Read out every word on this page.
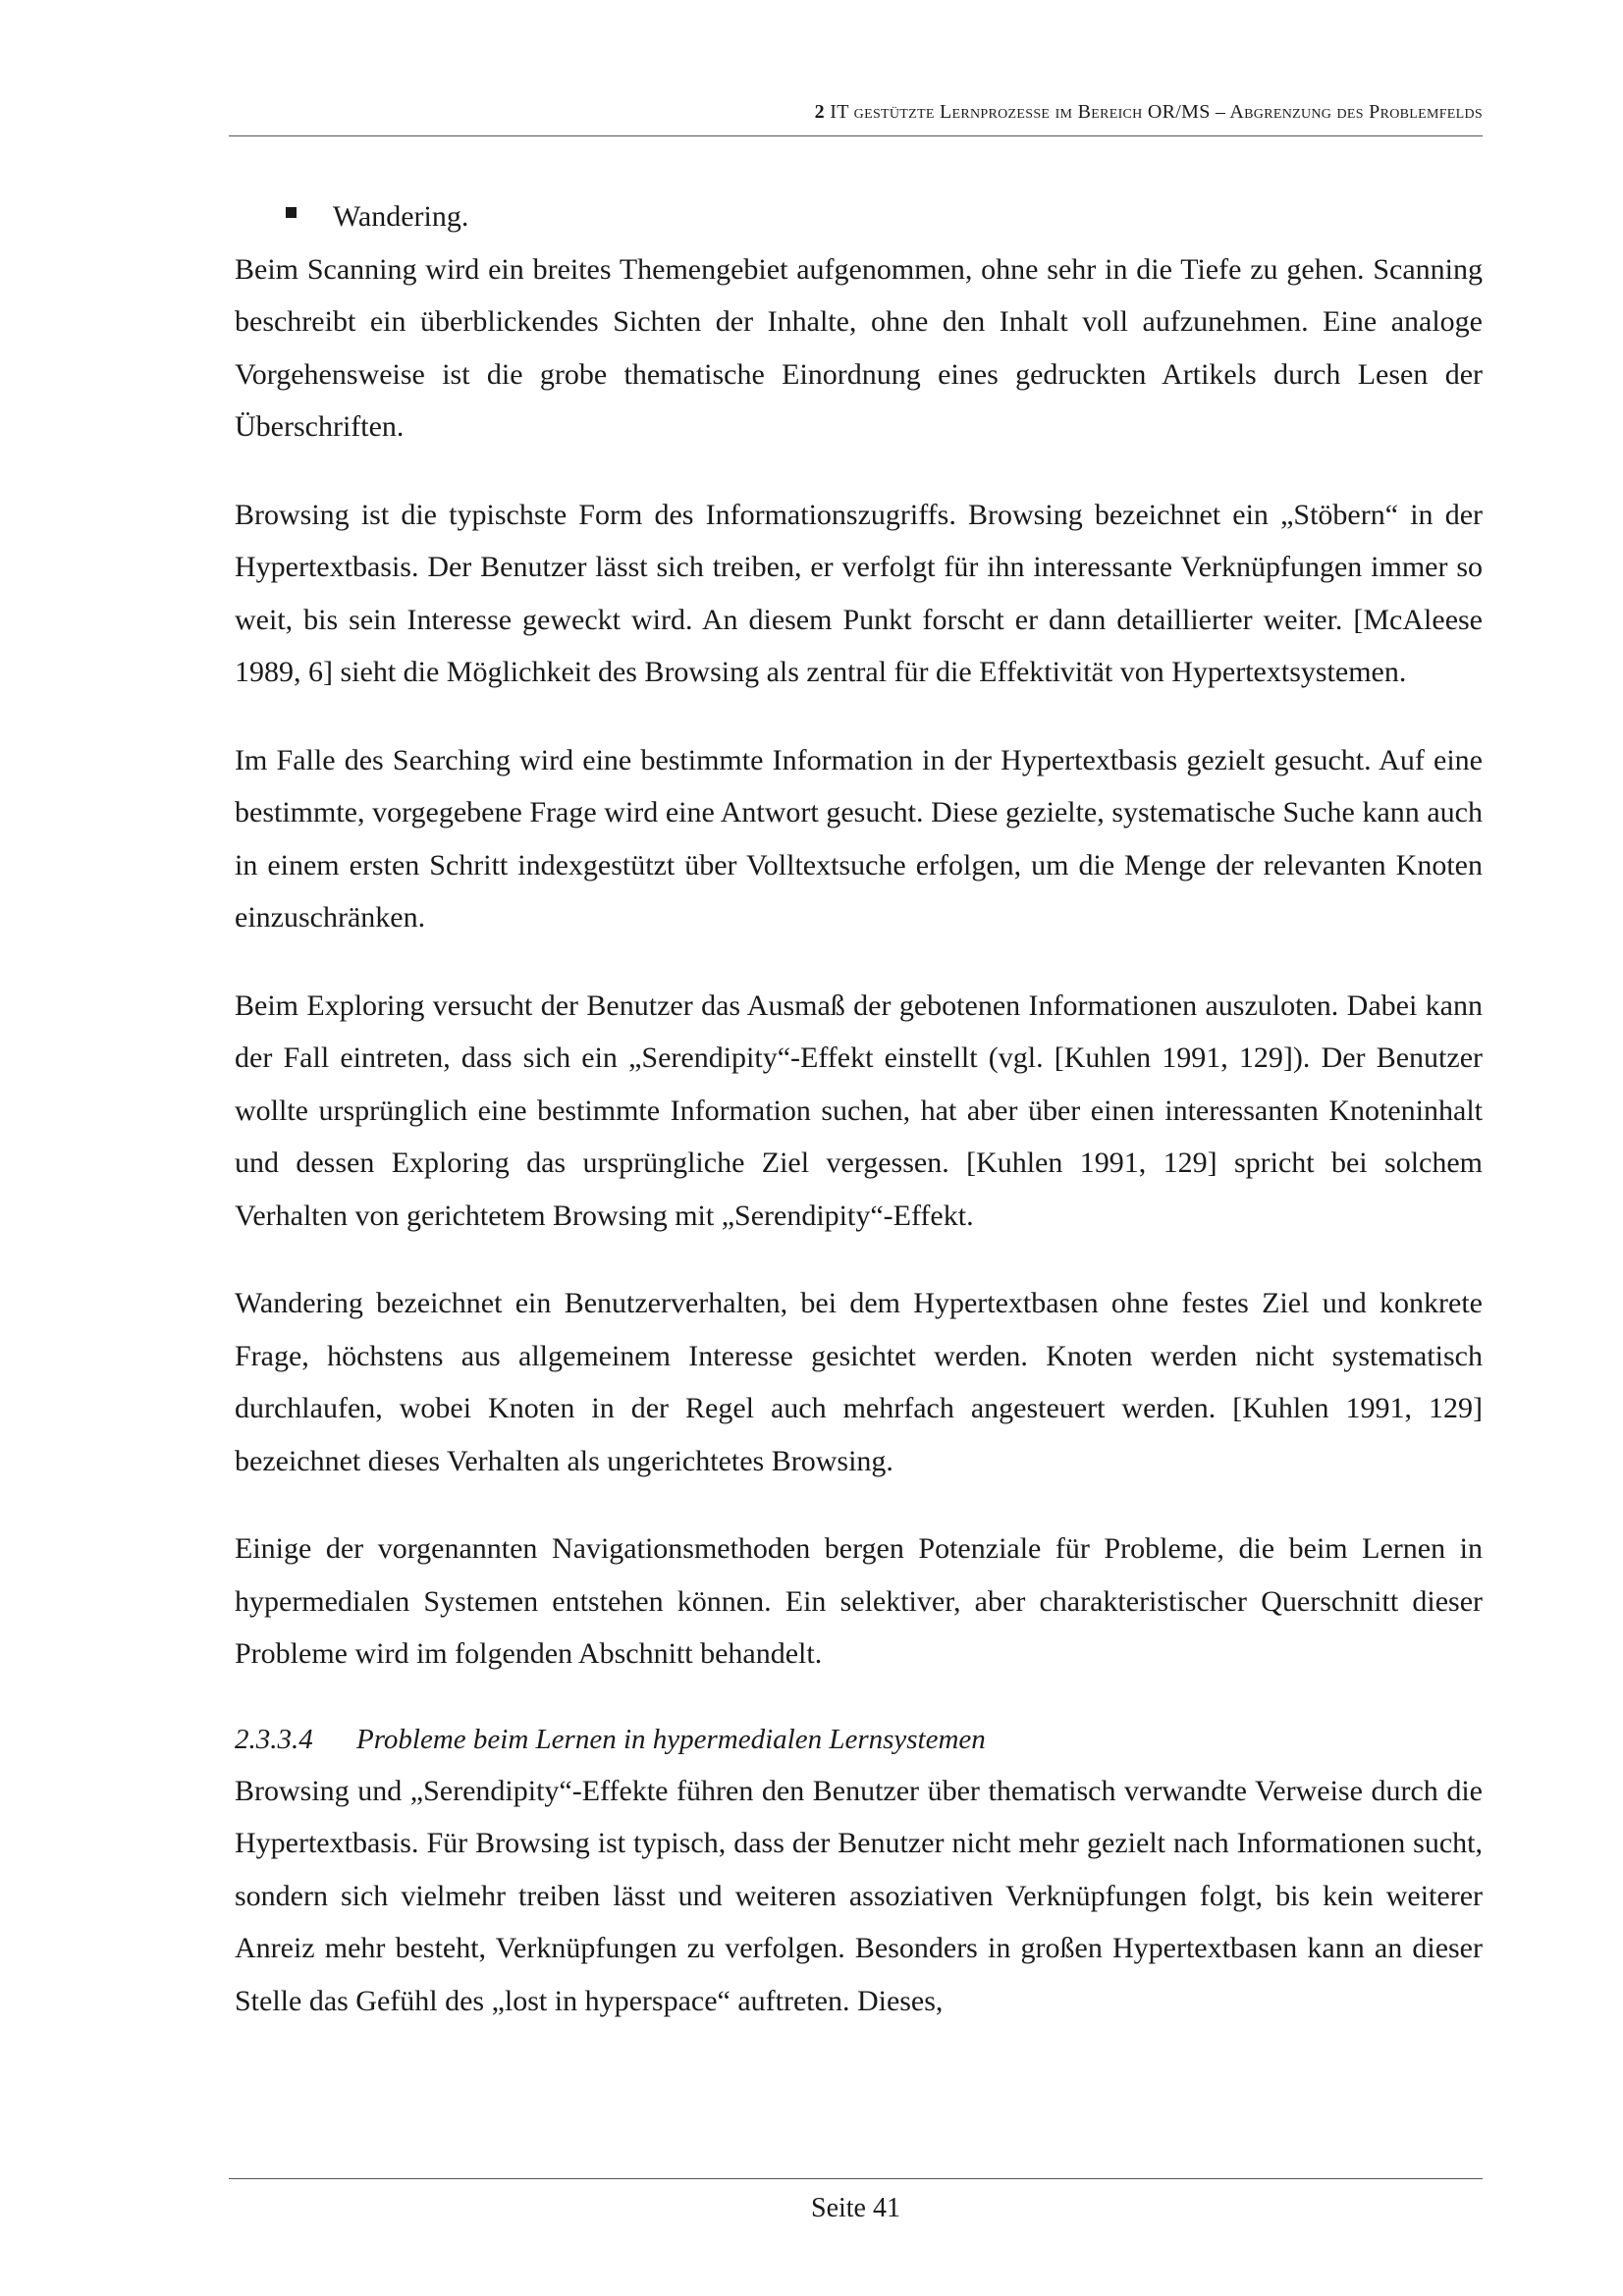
2 IT gestützte Lernprozesse im Bereich OR/MS – Abgrenzung des Problemfelds
Wandering.

Beim Scanning wird ein breites Themengebiet aufgenommen, ohne sehr in die Tiefe zu gehen. Scanning beschreibt ein überblickendes Sichten der Inhalte, ohne den Inhalt voll aufzunehmen. Eine analoge Vorgehensweise ist die grobe thematische Einordnung eines gedruckten Artikels durch Lesen der Überschriften.

Browsing ist die typischste Form des Informationszugriffs. Browsing bezeichnet ein „Stöbern“ in der Hypertextbasis. Der Benutzer lässt sich treiben, er verfolgt für ihn interessante Verknüpfungen immer so weit, bis sein Interesse geweckt wird. An diesem Punkt forscht er dann detaillierter weiter. [McAleese 1989, 6] sieht die Möglichkeit des Browsing als zentral für die Effektivität von Hypertextsystemen.

Im Falle des Searching wird eine bestimmte Information in der Hypertextbasis gezielt gesucht. Auf eine bestimmte, vorgegebene Frage wird eine Antwort gesucht. Diese gezielte, systematische Suche kann auch in einem ersten Schritt indexgestützt über Volltextsuche erfolgen, um die Menge der relevanten Knoten einzuschränken.

Beim Exploring versucht der Benutzer das Ausmaß der gebotenen Informationen auszuloten. Dabei kann der Fall eintreten, dass sich ein „Serendipity“-Effekt einstellt (vgl. [Kuhlen 1991, 129]). Der Benutzer wollte ursprünglich eine bestimmte Information suchen, hat aber über einen interessanten Knoteninhalt und dessen Exploring das ursprüngliche Ziel vergessen. [Kuhlen 1991, 129] spricht bei solchem Verhalten von gerichtetem Browsing mit „Serendipity“-Effekt.

Wandering bezeichnet ein Benutzerverhalten, bei dem Hypertextbasen ohne festes Ziel und konkrete Frage, höchstens aus allgemeinem Interesse gesichtet werden. Knoten werden nicht systematisch durchlaufen, wobei Knoten in der Regel auch mehrfach angesteuert werden. [Kuhlen 1991, 129] bezeichnet dieses Verhalten als ungerichtetes Browsing.

Einige der vorgenannten Navigationsmethoden bergen Potenziale für Probleme, die beim Lernen in hypermedialen Systemen entstehen können. Ein selektiver, aber charakteristischer Querschnitt dieser Probleme wird im folgenden Abschnitt behandelt.

2.3.3.4 Probleme beim Lernen in hypermedialen Lernsystemen

Browsing und „Serendipity“-Effekte führen den Benutzer über thematisch verwandte Verweise durch die Hypertextbasis. Für Browsing ist typisch, dass der Benutzer nicht mehr gezielt nach Informationen sucht, sondern sich vielmehr treiben lässt und weiteren assoziativen Verknüpfungen folgt, bis kein weiterer Anreiz mehr besteht, Verknüpfungen zu verfolgen. Besonders in großen Hypertextbasen kann an dieser Stelle das Gefühl des „lost in hyperspace“ auftreten. Dieses,

Seite 41
